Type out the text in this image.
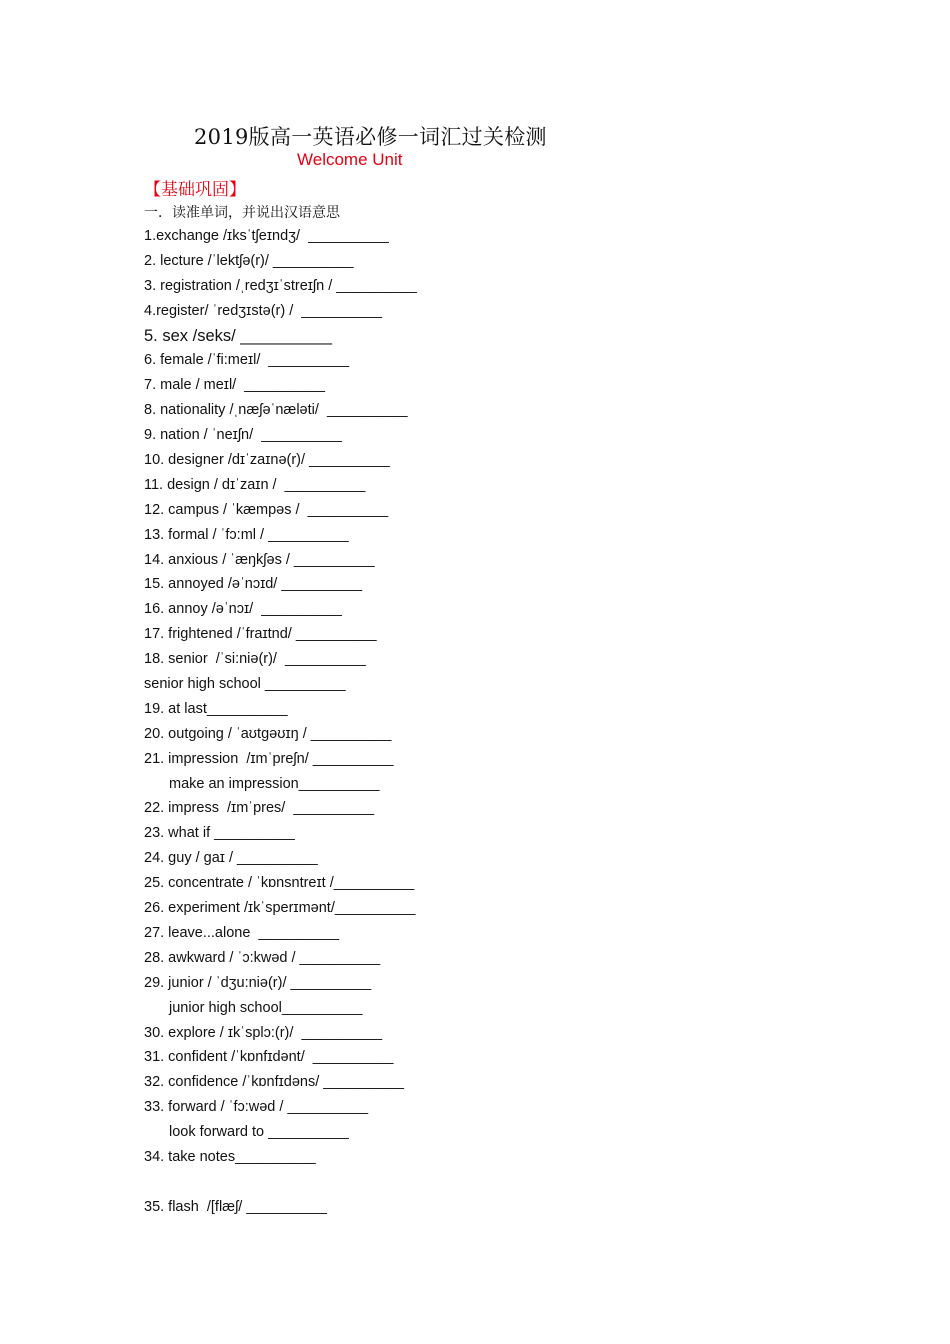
2019版高一英语必修一词汇过关检测
Welcome Unit
【基础巩固】
一．读准单词，并说出汉语意思
1.exchange /ɪksˈtʃeɪndʒ/  __________
2. lecture /ˈlektʃə(r)/ __________
3. registration /ˌredʒɪˈstreɪʃn / __________
4.register/ ˈredʒɪstə(r) /  __________
5. sex /seks/ __________
6. female /ˈfi:meɪl/  __________
7. male / meɪl/  __________
8. nationality /ˌnæʃəˈnæləti/  __________
9. nation / ˈneɪʃn/  __________
10. designer /dɪˈzaɪnə(r)/ __________
11. design / dɪˈzaɪn /  __________
12. campus / ˈkæmpəs /  __________
13. formal / ˈfɔ:ml / __________
14. anxious / ˈæŋkʃəs / __________
15. annoyed /əˈnɔɪd/ __________
16. annoy /əˈnɔɪ/  __________
17. frightened /ˈfraɪtnd/ __________
18. senior  /ˈsi:niə(r)/  __________
senior high school __________
19. at last__________
20. outgoing / ˈaʊtgəʊɪŋ / __________
21. impression  /ɪmˈpreʃn/ __________
make an impression__________
22. impress  /ɪmˈpres/  __________
23. what if __________
24. guy / gaɪ / __________
25. concentrate / ˈkɒnsntreɪt /__________
26. experiment /ɪkˈsperɪmənt/__________
27. leave...alone  __________
28. awkward / ˈɔ:kwəd / __________
29. junior / ˈdʒu:niə(r)/ __________
junior high school__________
30. explore / ɪkˈsplɔ:(r)/  __________
31. confident /ˈkɒnfɪdənt/  __________
32. confidence /ˈkɒnfɪdəns/ __________
33. forward / ˈfɔ:wəd / __________
look forward to __________
34. take notes__________
35. flash  /[flæʃ/ __________
